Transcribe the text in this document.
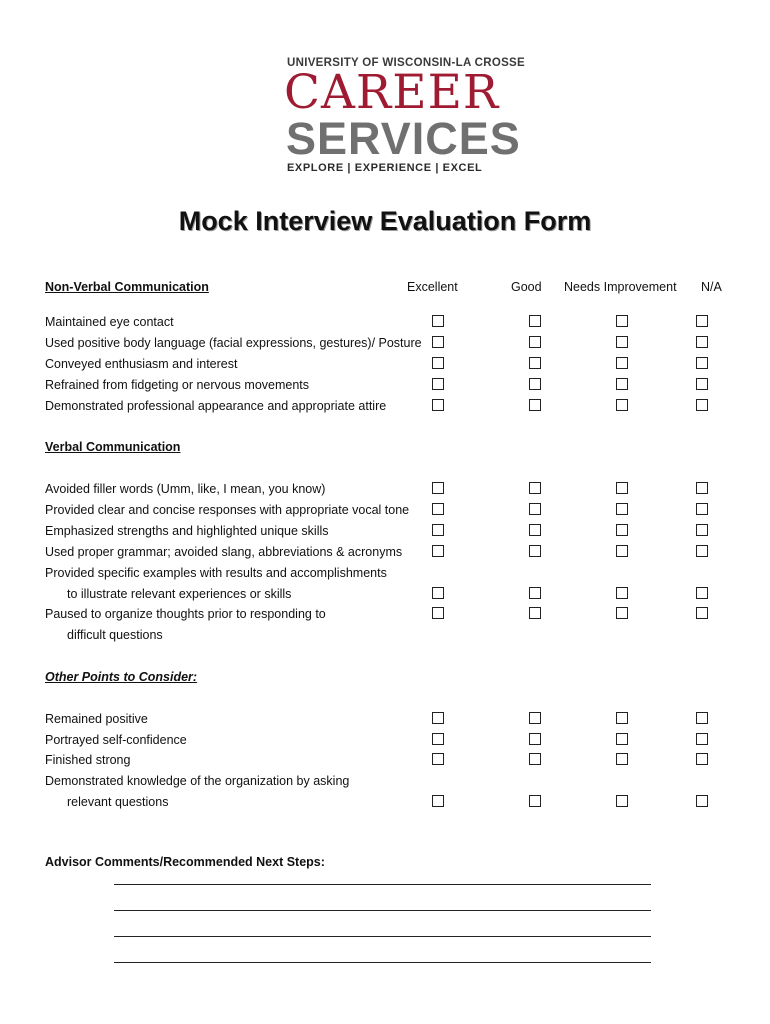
UNIVERSITY OF WISCONSIN-LA CROSSE
CAREER
SERVICES
EXPLORE | EXPERIENCE | EXCEL
Mock Interview Evaluation Form
Non-Verbal Communication	Excellent	Good Needs Improvement N/A
Maintained eye contact
Used positive body language (facial expressions, gestures)/ Posture
Conveyed enthusiasm and interest
Refrained from fidgeting or nervous movements
Demonstrated professional appearance and appropriate attire
Verbal Communication
Avoided filler words (Umm, like, I mean, you know)
Provided clear and concise responses with appropriate vocal tone
Emphasized strengths and highlighted unique skills
Used proper grammar; avoided slang, abbreviations & acronyms
Provided specific examples with results and accomplishments
to illustrate relevant experiences or skills
Paused to organize thoughts prior to responding to
difficult questions
Other Points to Consider:
Remained positive
Portrayed self-confidence
Finished strong
Demonstrated knowledge of the organization by asking
relevant questions
Advisor Comments/Recommended Next Steps:
